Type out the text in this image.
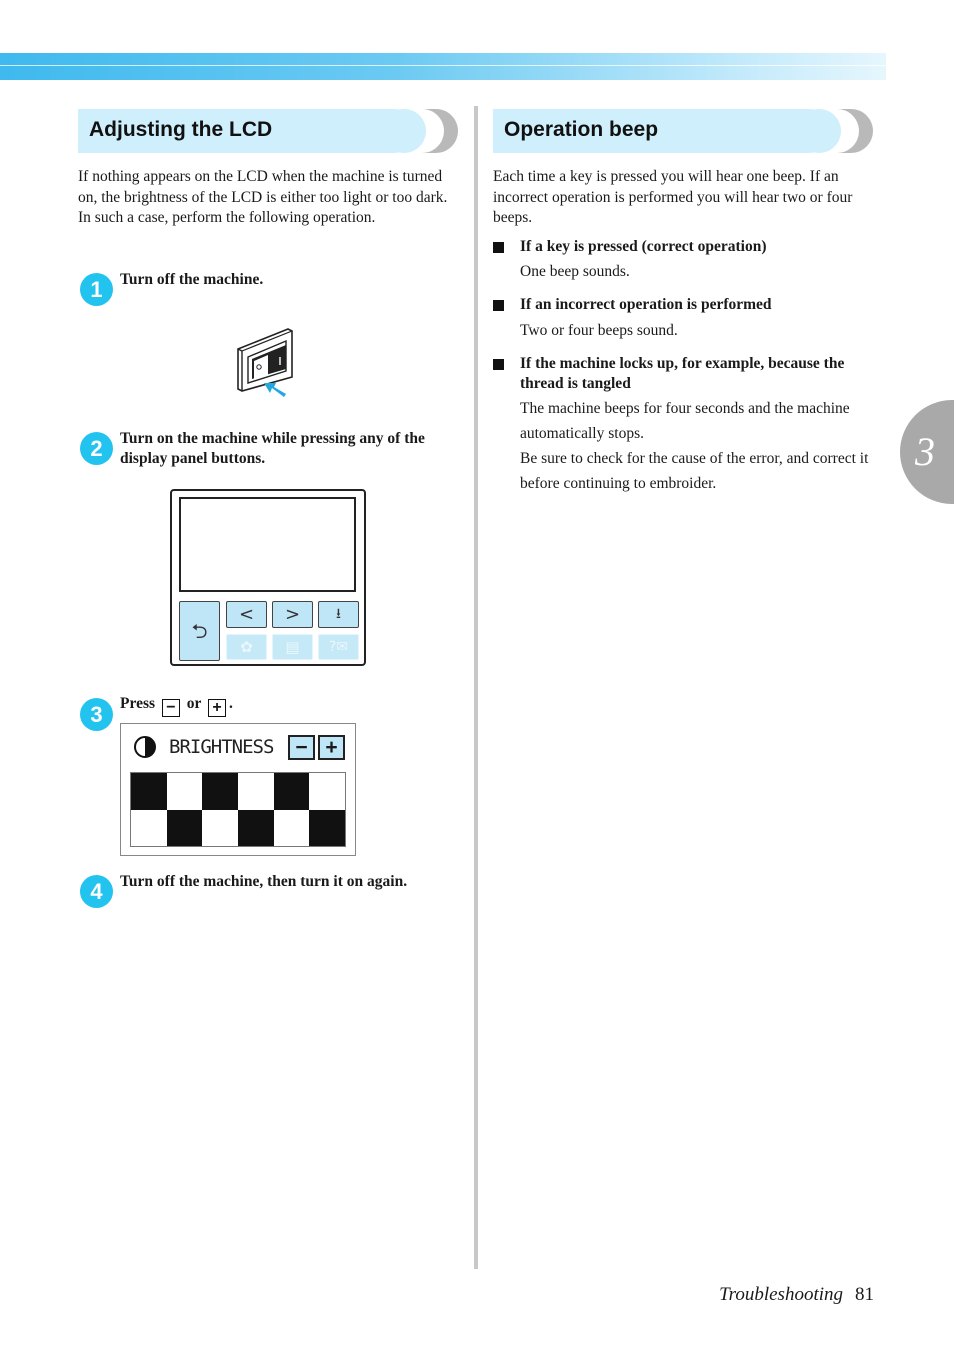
Adjusting the LCD

If nothing appears on the LCD when the machine is turned on, the brightness of the LCD is either too light or too dark. In such a case, perform the following operation.

1	Turn off the machine.

2	Turn on the machine while pressing any of the display panel buttons.

⮌
<	>	⭳
✿	▤	?✉
3	Press − or + .

BRIGHTNESS	− +
4	Turn off the machine, then turn it on again.

Operation beep

Each time a key is pressed you will hear one beep. If an incorrect operation is performed you will hear two or four beeps.

If a key is pressed (correct operation)

One beep sounds.

If an incorrect operation is performed

Two or four beeps sound.

If the machine locks up, for example, because the thread is tangled

The machine beeps for four seconds and the machine automatically stops.

Be sure to check for the cause of the error, and correct it before continuing to embroider.

3
Troubleshooting 81
